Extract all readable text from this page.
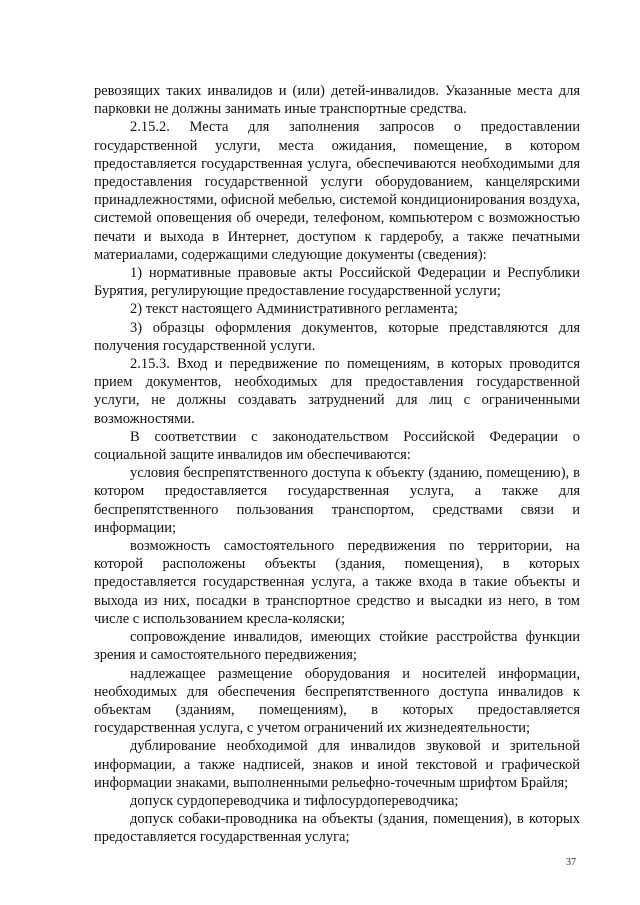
ревозящих таких инвалидов и (или) детей-инвалидов. Указанные места для парковки не должны занимать иные транспортные средства.

2.15.2. Места для заполнения запросов о предоставлении государственной услуги, места ожидания, помещение, в котором предоставляется государственная услуга, обеспечиваются необходимыми для предоставления государственной услуги оборудованием, канцелярскими принадлежностями, офисной мебелью, системой кондиционирования воздуха, системой оповещения об очереди, телефоном, компьютером с возможностью печати и выхода в Интернет, доступом к гардеробу, а также печатными материалами, содержащими следующие документы (сведения):

1) нормативные правовые акты Российской Федерации и Республики Бурятия, регулирующие предоставление государственной услуги;

2) текст настоящего Административного регламента;

3) образцы оформления документов, которые представляются для получения государственной услуги.

2.15.3. Вход и передвижение по помещениям, в которых проводится прием документов, необходимых для предоставления государственной услуги, не должны создавать затруднений для лиц с ограниченными возможностями.

В соответствии с законодательством Российской Федерации о социальной защите инвалидов им обеспечиваются:

условия беспрепятственного доступа к объекту (зданию, помещению), в котором предоставляется государственная услуга, а также для беспрепятственного пользования транспортом, средствами связи и информации;

возможность самостоятельного передвижения по территории, на которой расположены объекты (здания, помещения), в которых предоставляется государственная услуга, а также входа в такие объекты и выхода из них, посадки в транспортное средство и высадки из него, в том числе с использованием кресла-коляски;

сопровождение инвалидов, имеющих стойкие расстройства функции зрения и самостоятельного передвижения;

надлежащее размещение оборудования и носителей информации, необходимых для обеспечения беспрепятственного доступа инвалидов к объектам (зданиям, помещениям), в которых предоставляется государственная услуга, с учетом ограничений их жизнедеятельности;

дублирование необходимой для инвалидов звуковой и зрительной информации, а также надписей, знаков и иной текстовой и графической информации знаками, выполненными рельефно-точечным шрифтом Брайля;

допуск сурдопереводчика и тифлосурдопереводчика;

допуск собаки-проводника на объекты (здания, помещения), в которых предоставляется государственная услуга;

37
